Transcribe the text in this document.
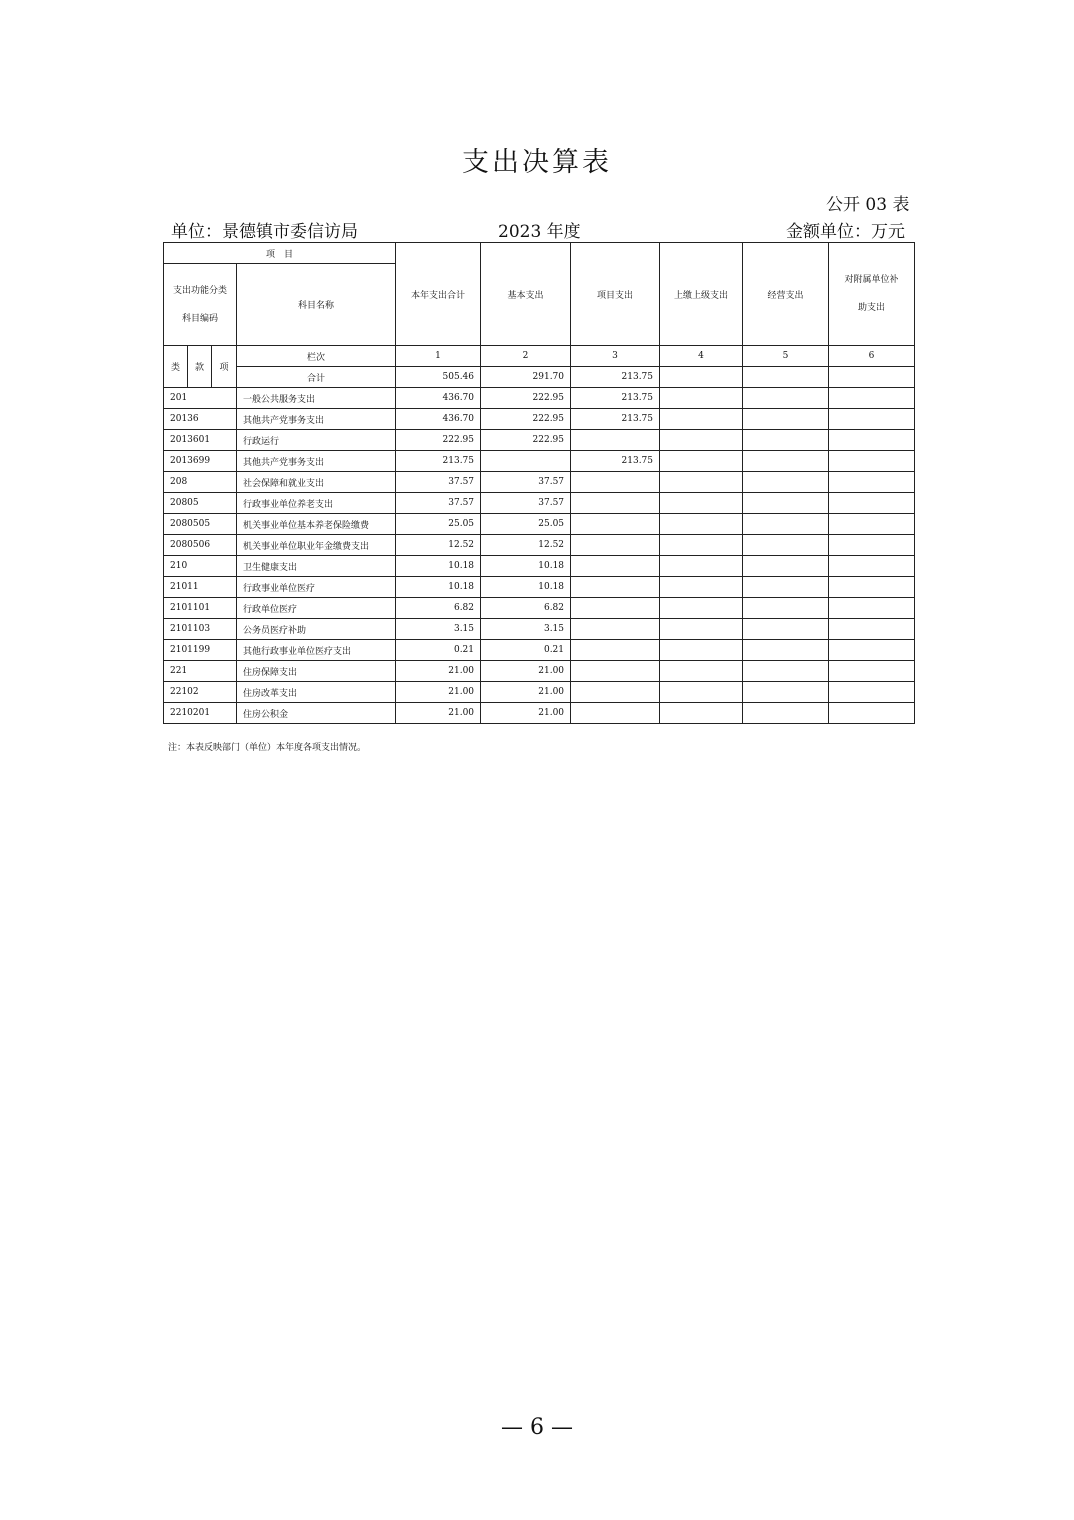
支出决算表
公开 03 表
单位：景德镇市委信访局	2023 年度	金额单位：万元
项　目				本年支出合计	基本支出	项目支出	上缴上级支出	经营支出	对附属单位补
助支出

支出功能分类
科目编码			科目名称						
类	款	项	栏次	1	2	3	4	5	6
			合计	505.46	291.70	213.75			
201			一般公共服务支出	436.70	222.95	213.75			
20136			其他共产党事务支出	436.70	222.95	213.75			
2013601			行政运行	222.95	222.95				
2013699			其他共产党事务支出	213.75		213.75			
208			社会保障和就业支出	37.57	37.57				
20805			行政事业单位养老支出	37.57	37.57				
2080505			机关事业单位基本养老保险缴费	25.05	25.05				
2080506			机关事业单位职业年金缴费支出	12.52	12.52				
210			卫生健康支出	10.18	10.18				
21011			行政事业单位医疗	10.18	10.18				
2101101			行政单位医疗	6.82	6.82				
2101103			公务员医疗补助	3.15	3.15				
2101199			其他行政事业单位医疗支出	0.21	0.21				
221			住房保障支出	21.00	21.00				
22102			住房改革支出	21.00	21.00				
2210201			住房公积金	21.00	21.00				
注：本表反映部门（单位）本年度各项支出情况。
— 6 —
